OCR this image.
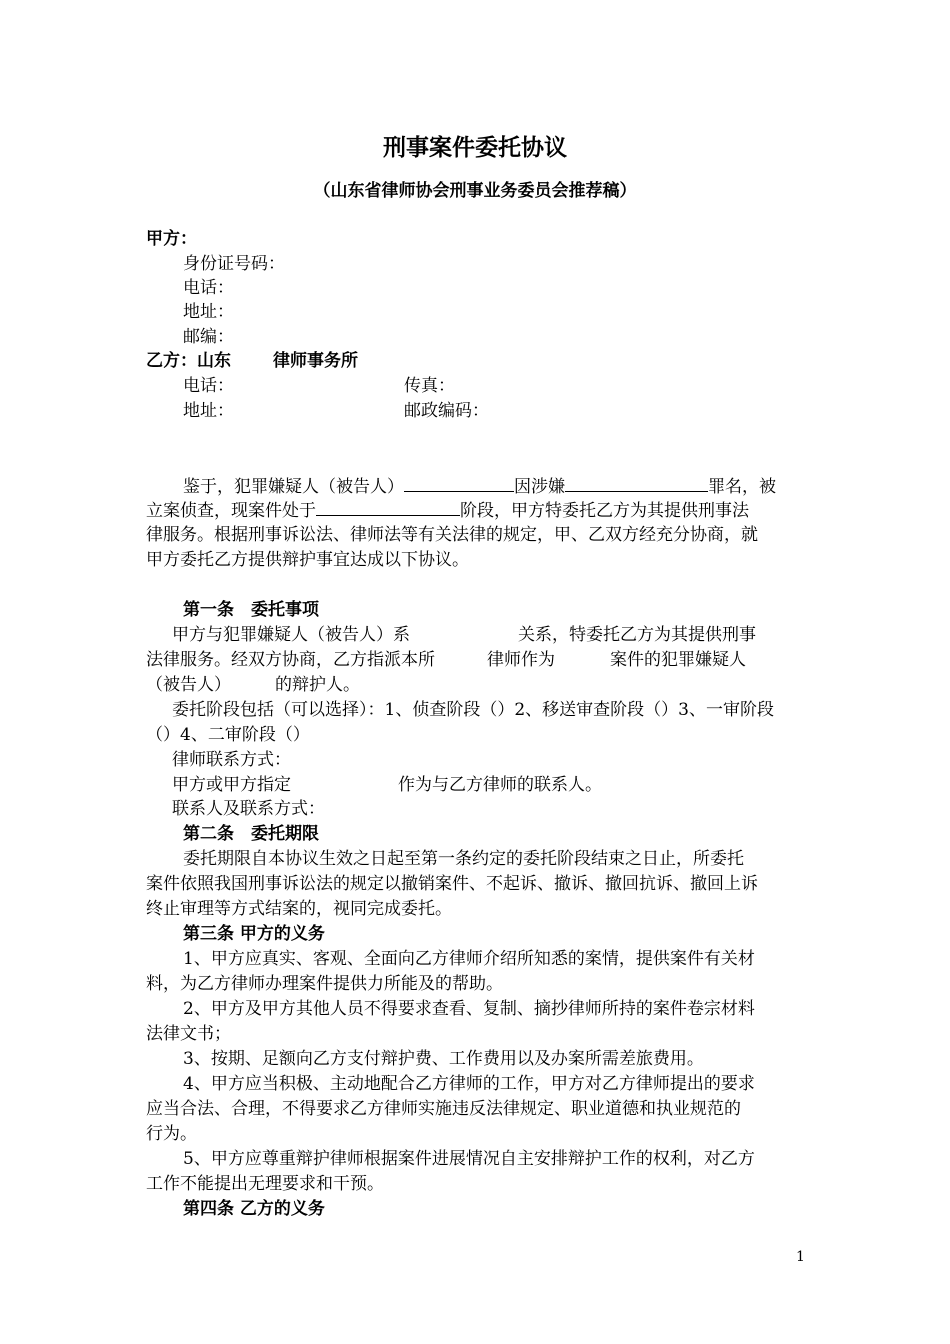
刑事案件委托协议
（山东省律师协会刑事业务委员会推荐稿）
甲方：
身份证号码：
电话：
地址：
邮编：
乙方：山东 律师事务所
电话：	传真：
地址：	邮政编码：
鉴于，犯罪嫌疑人（被告人）	因涉嫌	罪名，被
立案侦查，现案件处于	阶段，甲方特委托乙方为其提供刑事法
律服务。根据刑事诉讼法、律师法等有关法律的规定，甲、乙双方经充分协商，就
甲方委托乙方提供辩护事宜达成以下协议。
第一条　委托事项
甲方与犯罪嫌疑人（被告人）系	关系，特委托乙方为其提供刑事
法律服务。经双方协商，乙方指派本所	律师作为	案件的犯罪嫌疑人
（被告人）	的辩护人。
委托阶段包括（可以选择）：1、侦查阶段（）2、移送审查阶段（）3、一审阶段
（）4、二审阶段（）
律师联系方式：
甲方或甲方指定	作为与乙方律师的联系人。
联系人及联系方式：
第二条　委托期限
委托期限自本协议生效之日起至第一条约定的委托阶段结束之日止，所委托
案件依照我国刑事诉讼法的规定以撤销案件、不起诉、撤诉、撤回抗诉、撤回上诉
终止审理等方式结案的，视同完成委托。
第三条 甲方的义务
1、甲方应真实、客观、全面向乙方律师介绍所知悉的案情，提供案件有关材
料，为乙方律师办理案件提供力所能及的帮助。
2、甲方及甲方其他人员不得要求查看、复制、摘抄律师所持的案件卷宗材料
法律文书；
3、按期、足额向乙方支付辩护费、工作费用以及办案所需差旅费用。
4、甲方应当积极、主动地配合乙方律师的工作，甲方对乙方律师提出的要求
应当合法、合理，不得要求乙方律师实施违反法律规定、职业道德和执业规范的
行为。
5、甲方应尊重辩护律师根据案件进展情况自主安排辩护工作的权利，对乙方
工作不能提出无理要求和干预。
第四条 乙方的义务
1
